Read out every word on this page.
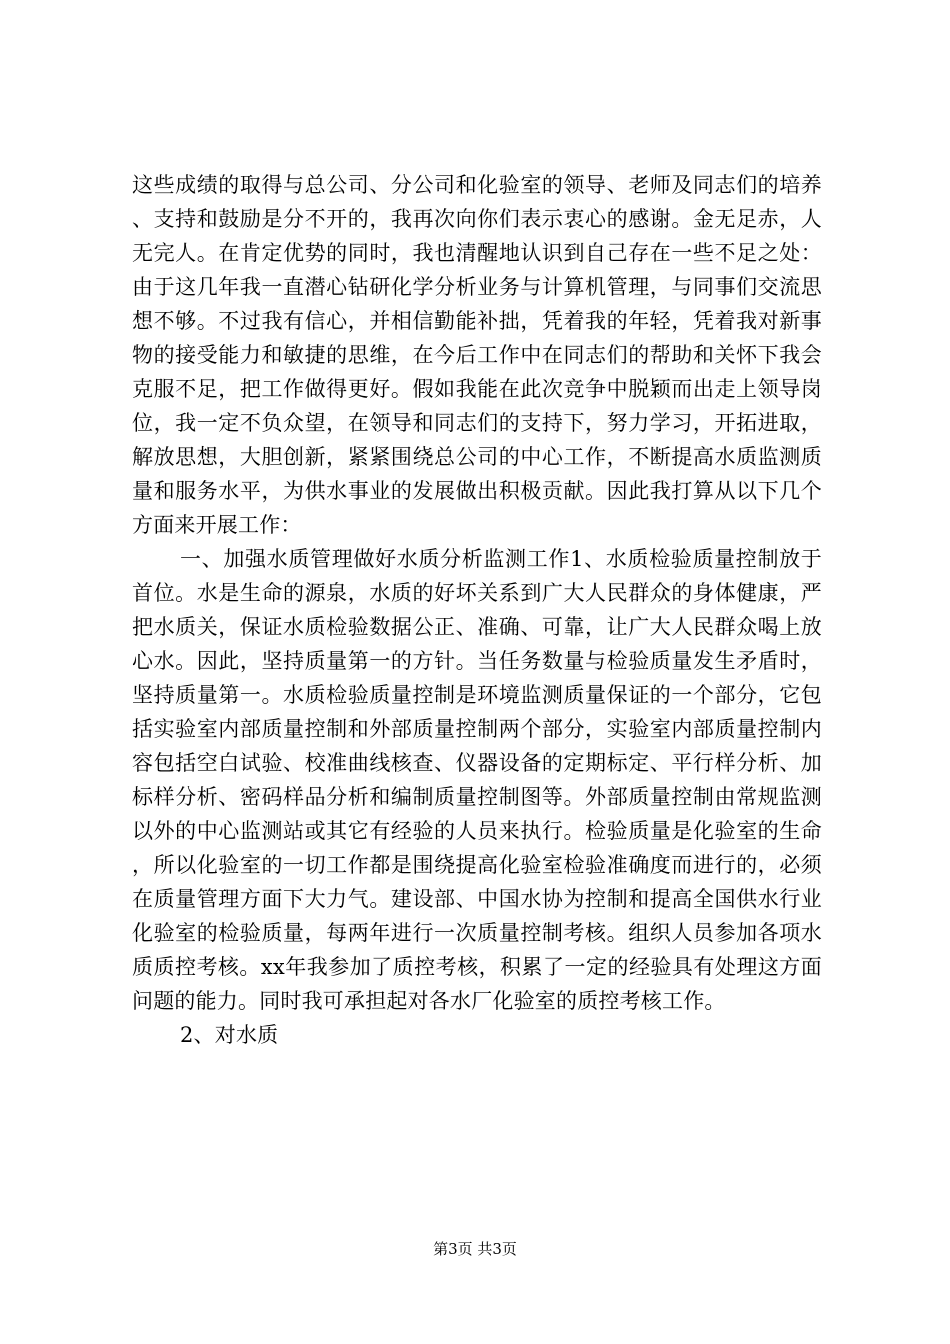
这些成绩的取得与总公司、分公司和化验室的领导、老师及同志们的培养、支持和鼓励是分不开的，我再次向你们表示衷心的感谢。金无足赤，人无完人。在肯定优势的同时，我也清醒地认识到自己存在一些不足之处：由于这几年我一直潜心钻研化学分析业务与计算机管理，与同事们交流思想不够。不过我有信心，并相信勤能补拙，凭着我的年轻，凭着我对新事物的接受能力和敏捷的思维，在今后工作中在同志们的帮助和关怀下我会克服不足，把工作做得更好。假如我能在此次竞争中脱颖而出走上领导岗位，我一定不负众望，在领导和同志们的支持下，努力学习，开拓进取，解放思想，大胆创新，紧紧围绕总公司的中心工作，不断提高水质监测质量和服务水平，为供水事业的发展做出积极贡献。因此我打算从以下几个方面来开展工作：

一、加强水质管理做好水质分析监测工作1、水质检验质量控制放于首位。水是生命的源泉，水质的好坏关系到广大人民群众的身体健康，严把水质关，保证水质检验数据公正、准确、可靠，让广大人民群众喝上放心水。因此，坚持质量第一的方针。当任务数量与检验质量发生矛盾时，坚持质量第一。水质检验质量控制是环境监测质量保证的一个部分，它包括实验室内部质量控制和外部质量控制两个部分，实验室内部质量控制内容包括空白试验、校准曲线核查、仪器设备的定期标定、平行样分析、加标样分析、密码样品分析和编制质量控制图等。外部质量控制由常规监测以外的中心监测站或其它有经验的人员来执行。检验质量是化验室的生命，所以化验室的一切工作都是围绕提高化验室检验准确度而进行的，必须在质量管理方面下大力气。建设部、中国水协为控制和提高全国供水行业化验室的检验质量，每两年进行一次质量控制考核。组织人员参加各项水质质控考核。xx年我参加了质控考核，积累了一定的经验具有处理这方面问题的能力。同时我可承担起对各水厂化验室的质控考核工作。

2、对水质

第3页 共3页
